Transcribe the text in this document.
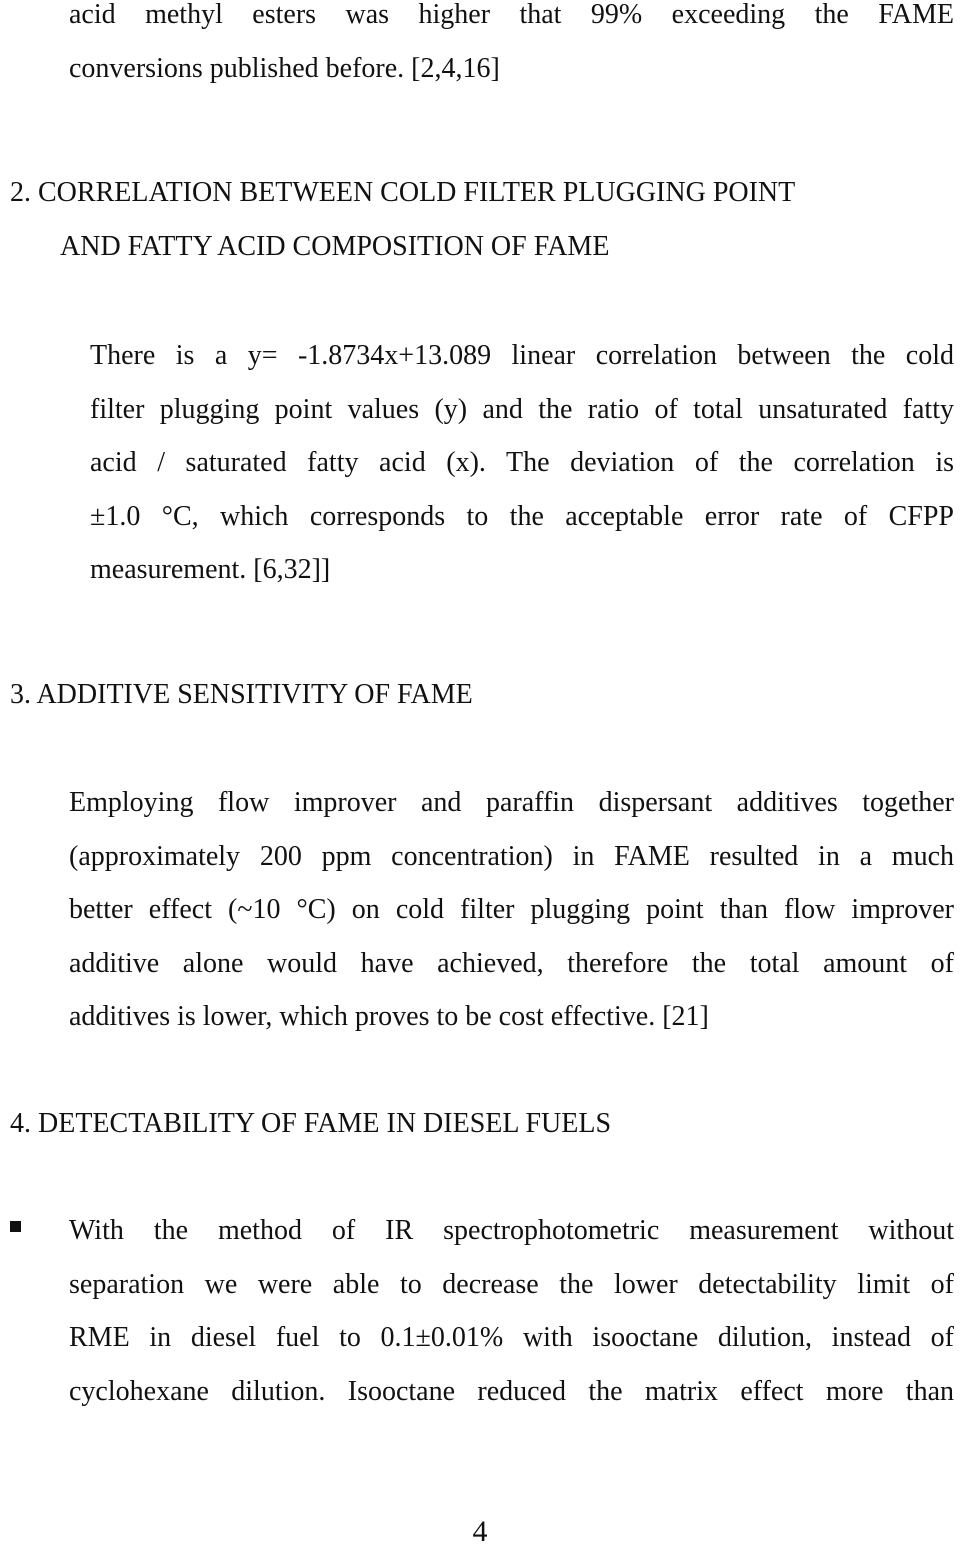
acid methyl esters was higher that 99% exceeding the FAME
conversions published before. [2,4,16]
2. CORRELATION BETWEEN COLD FILTER PLUGGING POINT
AND FATTY ACID COMPOSITION OF FAME
There is a y= -1.8734x+13.089 linear correlation between the cold
filter plugging point values (y) and the ratio of total unsaturated fatty
acid / saturated fatty acid (x). The deviation of the correlation is
±1.0 °C, which corresponds to the acceptable error rate of CFPP
measurement. [6,32]]
3. ADDITIVE SENSITIVITY OF FAME
Employing flow improver and paraffin dispersant additives together
(approximately 200 ppm concentration) in FAME resulted in a much
better effect (~10 °C) on cold filter plugging point than flow improver
additive alone would have achieved, therefore the total amount of
additives is lower, which proves to be cost effective. [21]
4. DETECTABILITY OF FAME IN DIESEL FUELS
With the method of IR spectrophotometric measurement without
separation we were able to decrease the lower detectability limit of
RME in diesel fuel to 0.1±0.01% with isooctane dilution, instead of
cyclohexane dilution. Isooctane reduced the matrix effect more than
4
